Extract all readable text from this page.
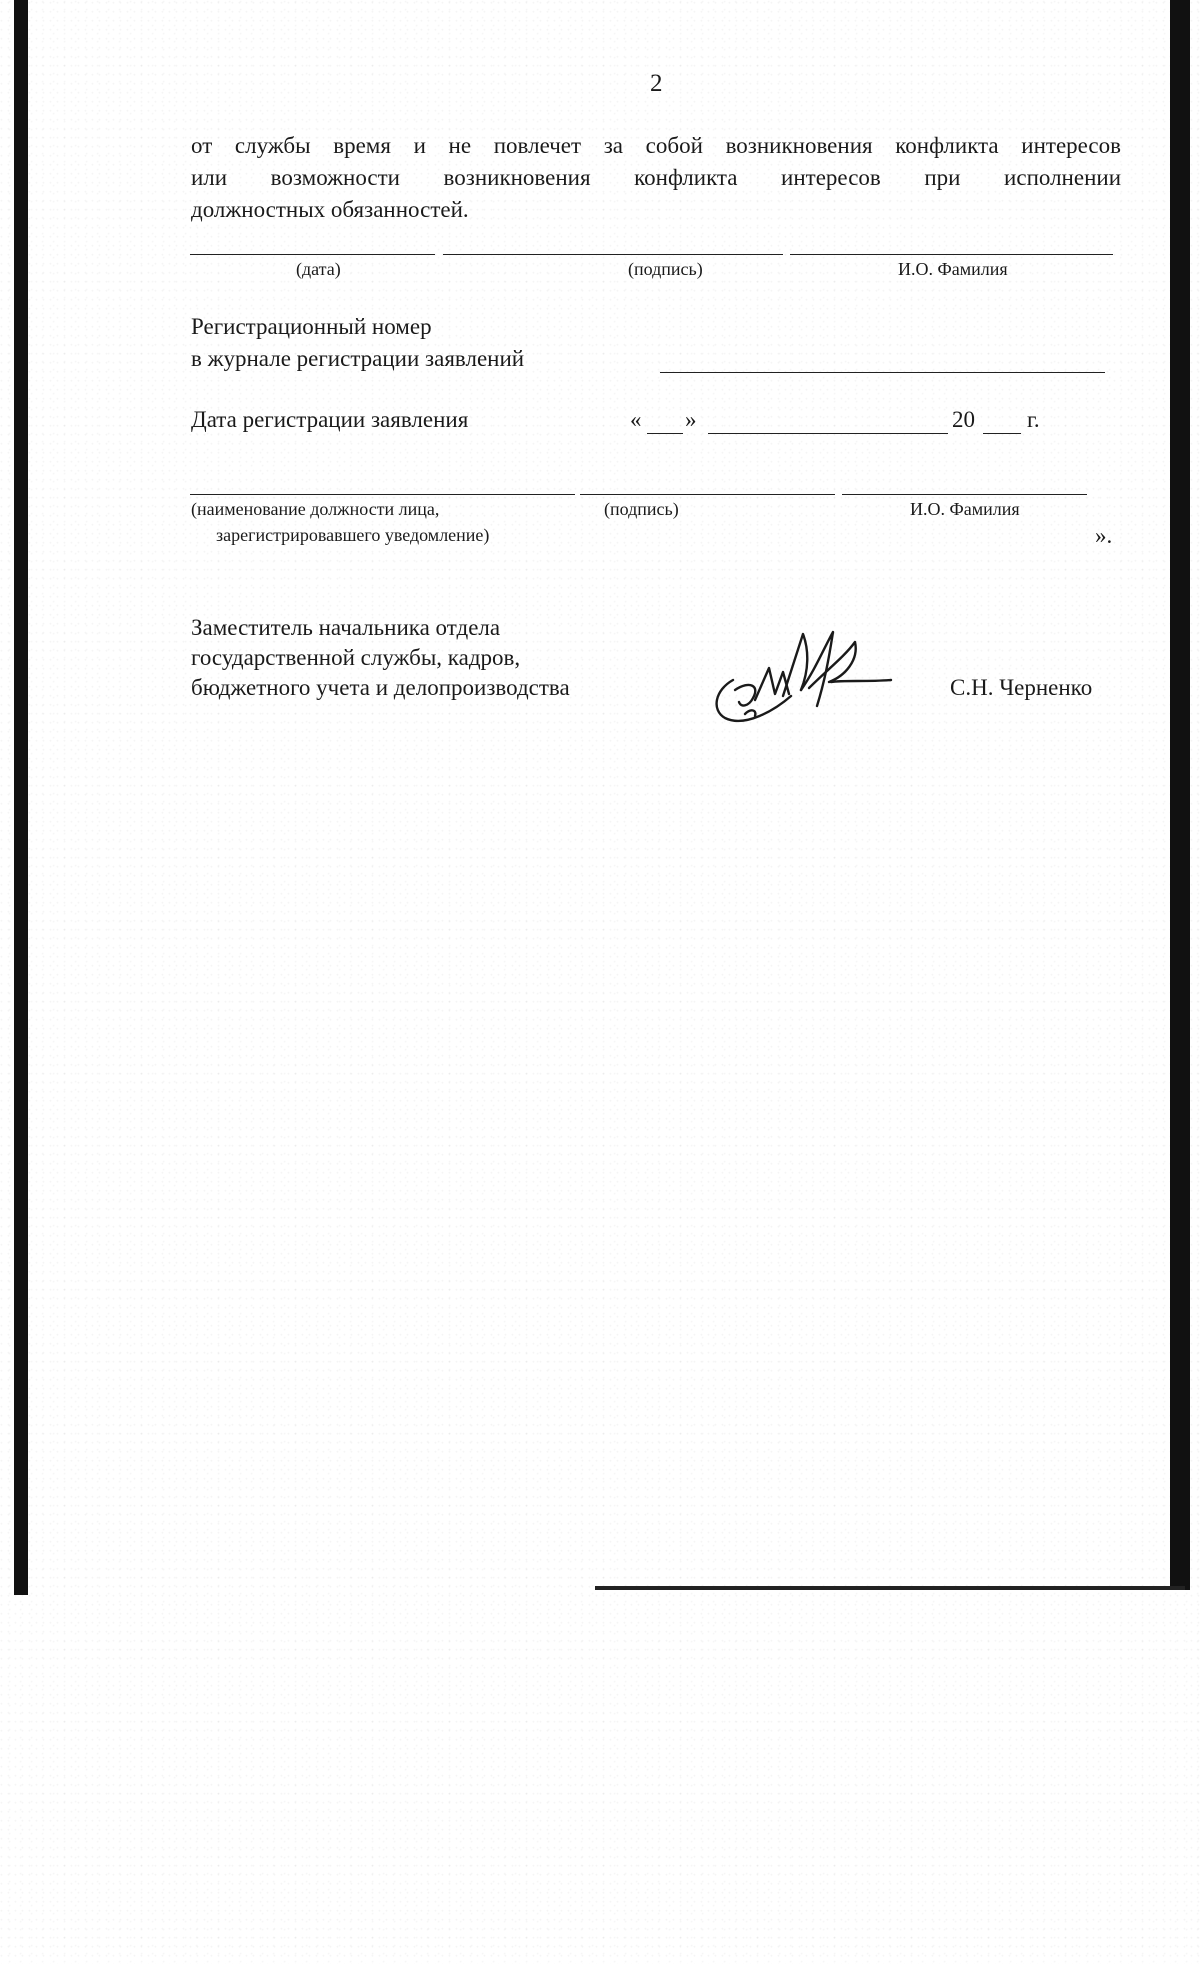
2
от службы время и не повлечет за собой возникновения конфликта интересов
или возможности возникновения конфликта интересов при исполнении
должностных обязанностей.
(дата)	(подпись)	И.О. Фамилия
Регистрационный номер
в журнале регистрации заявлений
Дата регистрации заявления	« »	20 г.
(наименование должности лица,
зарегистрировавшего уведомление)
(подпись)	И.О. Фамилия
».
Заместитель начальника отдела
государственной службы, кадров,
бюджетного учета и делопроизводства	С.Н. Черненко
